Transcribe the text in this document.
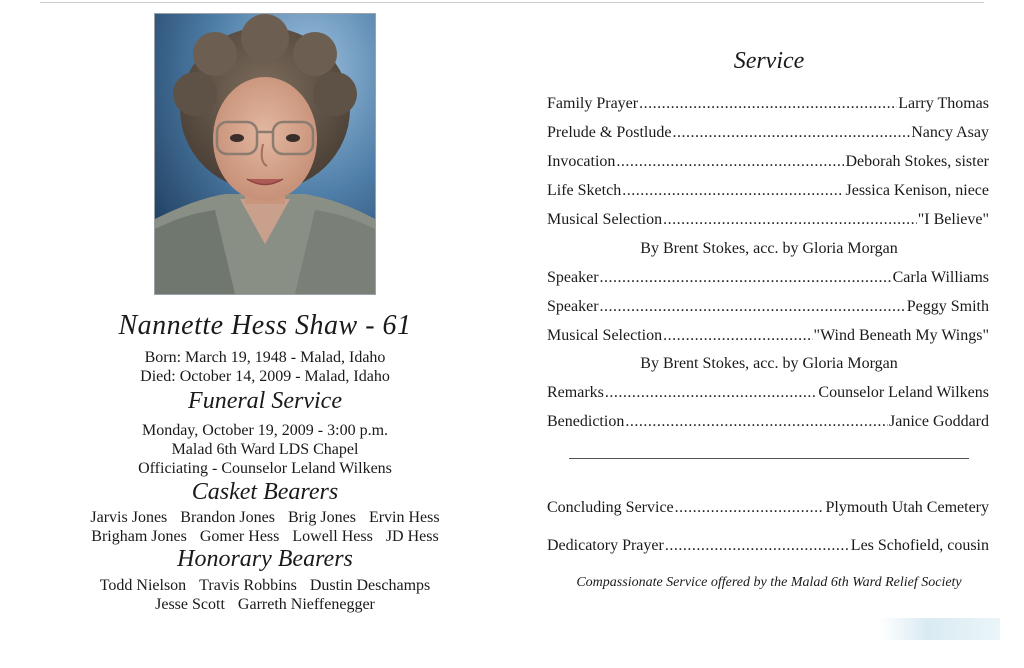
Nannette Hess Shaw - 61
Born: March 19, 1948 - Malad, Idaho
Died: October 14, 2009 - Malad, Idaho
Funeral Service
Monday, October 19, 2009 - 3:00 p.m.
Malad 6th Ward LDS Chapel
Officiating - Counselor Leland Wilkens
Casket Bearers
Jarvis Jones Brandon Jones Brig Jones Ervin Hess
Brigham Jones Gomer Hess Lowell Hess JD Hess
Honorary Bearers
Todd Nielson Travis Robbins Dustin Deschamps
Jesse Scott Garreth Nieffenegger
Service
Family Prayer .....	Larry Thomas
Prelude & Postlude .....	Nancy Asay
Invocation .....	Deborah Stokes, sister
Life Sketch .....	Jessica Kenison, niece
Musical Selection .....	"I Believe"
By Brent Stokes, acc. by Gloria Morgan
Speaker .....	Carla Williams
Speaker .....	Peggy Smith
Musical Selection .....	"Wind Beneath My Wings"
By Brent Stokes, acc. by Gloria Morgan
Remarks .....	Counselor Leland Wilkens
Benediction .....	Janice Goddard
Concluding Service .....	Plymouth Utah Cemetery
Dedicatory Prayer .....	Les Schofield, cousin
Compassionate Service offered by the Malad 6th Ward Relief Society
